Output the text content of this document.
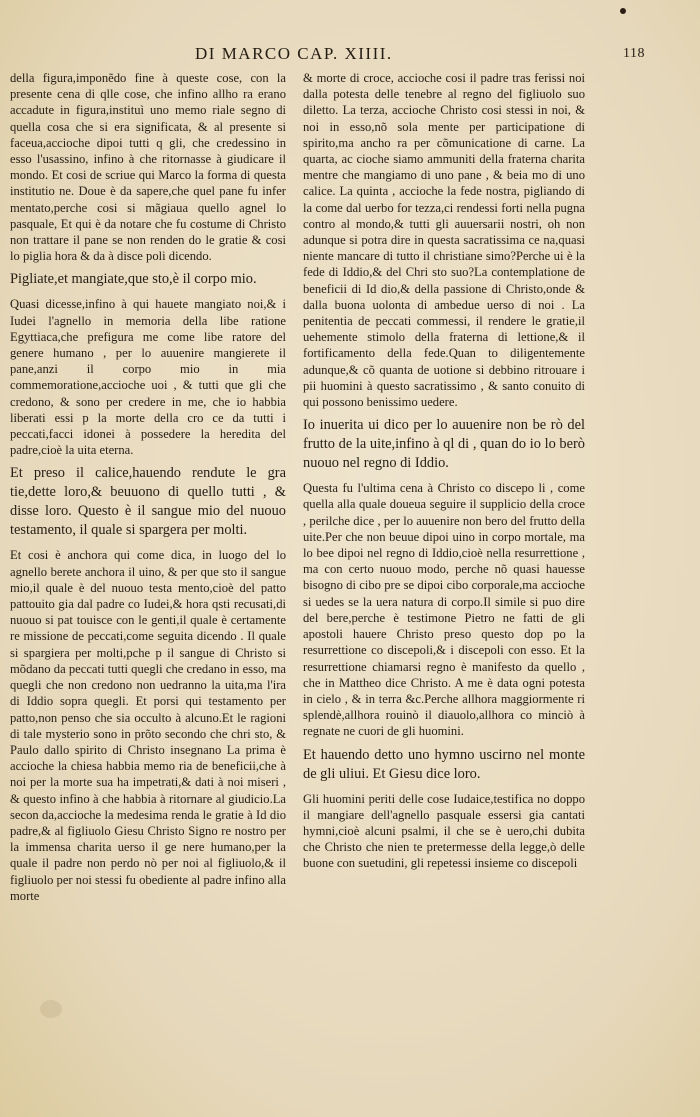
DI MARCO CAP. XIIII.	118

della figura,imponẽdo fine à queste cose, con la presente cena di qlle cose, che infino allho ra erano accadute in figura,instituì uno memo riale segno di quella cosa che si era significata, & al presente si faceua,accioche dipoi tutti q gli, che credessino in esso l'usassino, infino à che ritornasse à giudicare il mondo. Et cosi de scriue qui Marco la forma di questa institutio ne. Doue è da sapere,che quel pane fu infer mentato,perche cosi si mãgiaua quello agnel lo pasquale, Et qui è da notare che fu costume di Christo non trattare il pane se non renden do le gratie & cosi lo piglia hora & da à disce poli dicendo.

Pigliate,et mangiate,que sto,è il corpo mio.

Quasi dicesse,infino à qui hauete mangiato noi,& i Iudei l'agnello in memoria della libe ratione Egyttiaca,che prefigura me come libe ratore del genere humano , per lo auuenire mangierete il pane,anzi il corpo mio in mia commemoratione,accioche uoi , & tutti que gli che credono, & sono per credere in me, che io habbia liberati essi p la morte della cro ce da tutti i peccati,facci idonei à possedere la heredita del padre,cioè la uita eterna.

Et preso il calice,hauendo rendute le gra tie,dette loro,& beuuono di quello tutti , & disse loro. Questo è il sangue mio del nuouo testamento, il quale si spargera per molti.

Et cosi è anchora qui come dica, in luogo del lo agnello berete anchora il uino, & per que sto il sangue mio,il quale è del nuouo testa mento,cioè del patto pattouito gia dal padre co Iudei,& hora qsti recusati,di nuouo si pat touisce con le genti,il quale è certamente re missione de peccati,come seguita dicendo . Il quale si spargiera per molti,pche p il sangue di Christo si mõdano da peccati tutti quegli che credano in esso, ma quegli che non credono non uedranno la uita,ma l'ira di Iddio sopra quegli. Et porsi qui testamento per patto,non penso che sia occulto à alcuno.Et le ragioni di tale mysterio sono in prõto secondo che chri sto, & Paulo dallo spirito di Christo insegnano La prima è accioche la chiesa habbia memo ria de beneficii,che à noi per la morte sua ha impetrati,& dati à noi miseri , & questo infino à che habbia à ritornare al giudicio.La secon da,accioche la medesima renda le gratie à Id dio padre,& al figliuolo Giesu Christo Signo re nostro per la immensa charita uerso il ge nere humano,per la quale il padre non perdo nò per noi al figliuolo,& il figliuolo per noi stessi fu obediente al padre infino alla morte

& morte di croce, accioche cosi il padre tras ferissi noi dalla potesta delle tenebre al regno del figliuolo suo diletto. La terza, accioche Christo cosi stessi in noi, & noi in esso,nõ sola mente per participatione di spirito,ma ancho ra per cõmunicatione di carne. La quarta, ac cioche siamo ammuniti della fraterna charita mentre che mangiamo di uno pane , & beia mo di uno calice. La quinta , accioche la fede nostra, pigliando di la come dal uerbo for tezza,ci rendessi forti nella pugna contro al mondo,& tutti gli auuersarii nostri, oh non adunque si potra dire in questa sacratissima ce na,quasi niente mancare di tutto il christiane simo?Perche ui è la fede di Iddio,& del Chri sto suo?La contemplatione de beneficii di Id dio,& della passione di Christo,onde & dalla buona uolonta di ambedue uerso di noi . La penitentia de peccati commessi, il rendere le gratie,il uehemente stimolo della fraterna di lettione,& il fortificamento della fede.Quan to diligentemente adunque,& cõ quanta de uotione si debbino ritrouare i pii huomini à questo sacratissimo , & santo conuito di qui possono benissimo uedere.

Io inuerita ui dico per lo auuenire non be rò del frutto de la uite,infino à ql di , quan do io lo berò nuouo nel regno di Iddio.

Questa fu l'ultima cena à Christo co discepo li , come quella alla quale doueua seguire il supplicio della croce , perilche dice , per lo auuenire non bero del frutto della uite.Per che non beuue dipoi uino in corpo mortale, ma lo bee dipoi nel regno di Iddio,cioè nella resurrettione , ma con certo nuouo modo, perche nõ quasi hauesse bisogno di cibo pre se dipoi cibo corporale,ma accioche si uedes se la uera natura di corpo.Il simile si puo dire del bere,perche è testimone Pietro ne fatti de gli apostoli hauere Christo preso questo dop po la resurrettione co discepoli,& i discepoli con esso. Et la resurrettione chiamarsi regno è manifesto da quello , che in Mattheo dice Christo. A me è data ogni potesta in cielo , & in terra &c.Perche allhora maggiormente ri splendè,allhora rouinò il diauolo,allhora co minciò à regnate ne cuori de gli huomini.

Et hauendo detto uno hymno uscirno nel monte de gli uliui. Et Giesu dice loro.

Gli huomini periti delle cose Iudaice,testifica no doppo il mangiare dell'agnello pasquale essersi gia cantati hymni,cioè alcuni psalmi, il che se è uero,chi dubita che Christo che nien te pretermesse della legge,ò delle buone con suetudini, gli repetessi insieme co discepoli
